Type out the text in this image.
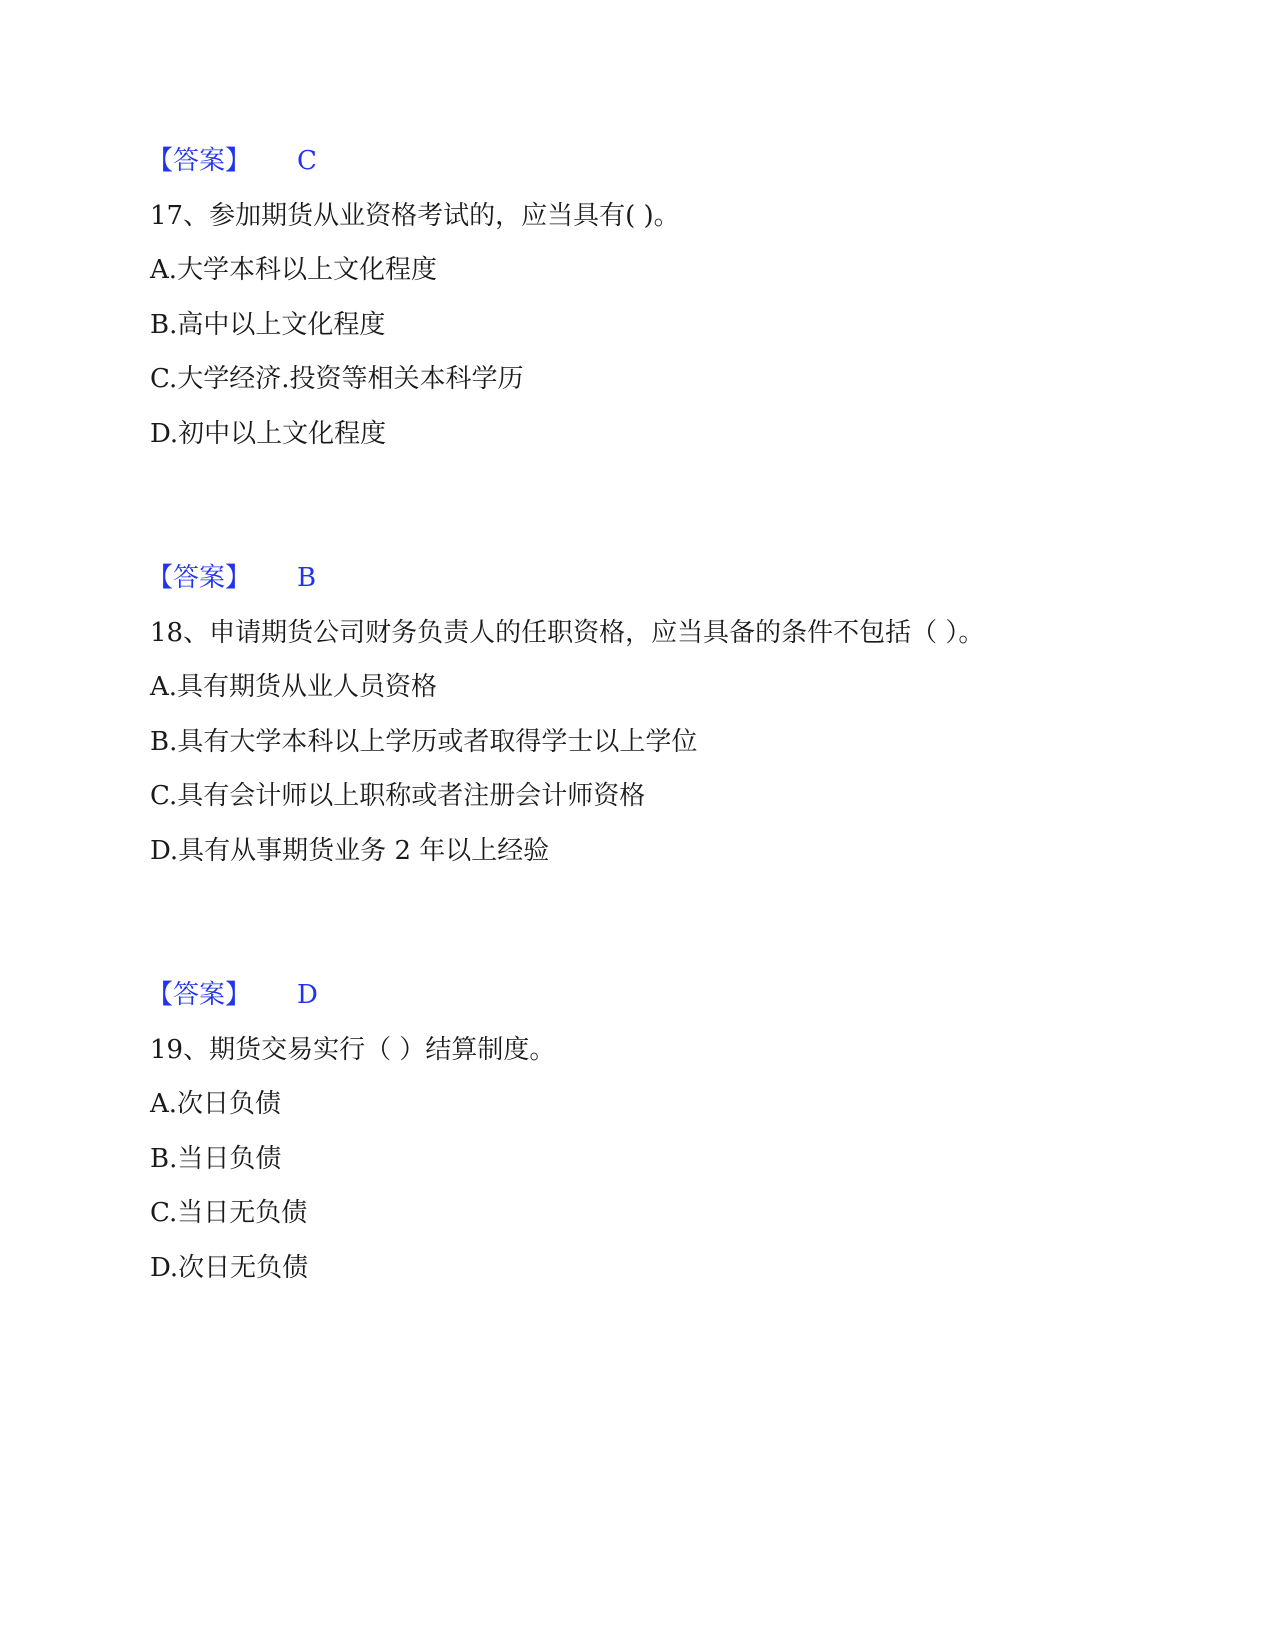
【答案】 C
17、参加期货从业资格考试的，应当具有( )。
A.大学本科以上文化程度
B.高中以上文化程度
C.大学经济.投资等相关本科学历
D.初中以上文化程度
【答案】 B
18、申请期货公司财务负责人的任职资格，应当具备的条件不包括（ ）。
A.具有期货从业人员资格
B.具有大学本科以上学历或者取得学士以上学位
C.具有会计师以上职称或者注册会计师资格
D.具有从事期货业务 2 年以上经验
【答案】 D
19、期货交易实行（ ）结算制度。
A.次日负债
B.当日负债
C.当日无负债
D.次日无负债
